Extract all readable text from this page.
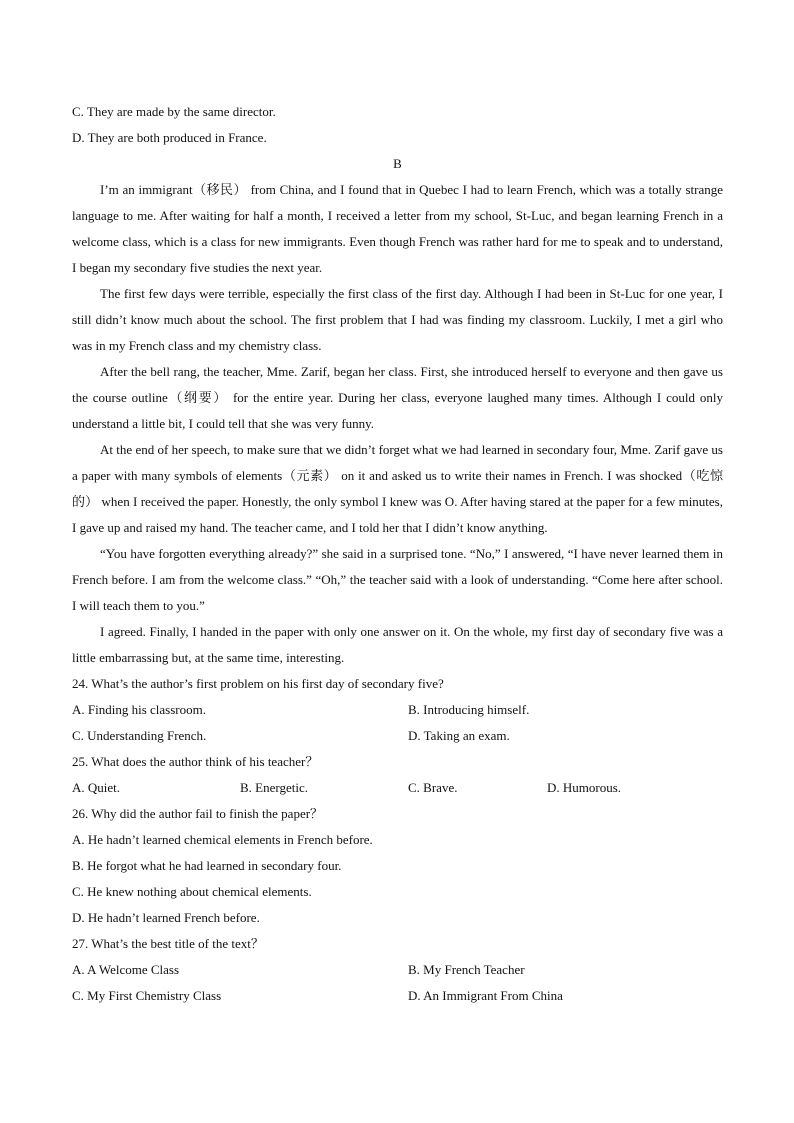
C. They are made by the same director.
D. They are both produced in France.
B

I’m an immigrant（移民） from China, and I found that in Quebec I had to learn French, which was a totally strange language to me. After waiting for half a month, I received a letter from my school, St-Luc, and began learning French in a welcome class, which is a class for new immigrants. Even though French was rather hard for me to speak and to understand, I began my secondary five studies the next year.

The first few days were terrible, especially the first class of the first day. Although I had been in St-Luc for one year, I still didn’t know much about the school. The first problem that I had was finding my classroom. Luckily, I met a girl who was in my French class and my chemistry class.

After the bell rang, the teacher, Mme. Zarif, began her class. First, she introduced herself to everyone and then gave us the course outline（纲要） for the entire year. During her class, everyone laughed many times. Although I could only understand a little bit, I could tell that she was very funny.

At the end of her speech, to make sure that we didn’t forget what we had learned in secondary four, Mme. Zarif gave us a paper with many symbols of elements（元素） on it and asked us to write their names in French. I was shocked（吃惊的） when I received the paper. Honestly, the only symbol I knew was O. After having stared at the paper for a few minutes, I gave up and raised my hand. The teacher came, and I told her that I didn’t know anything.

“You have forgotten everything already?” she said in a surprised tone. “No,” I answered, “I have never learned them in French before. I am from the welcome class.” “Oh,” the teacher said with a look of understanding. “Come here after school. I will teach them to you.”

I agreed. Finally, I handed in the paper with only one answer on it. On the whole, my first day of secondary five was a little embarrassing but, at the same time, interesting.

24. What’s the author’s first problem on his first day of secondary five?

A. Finding his classroom.	B. Introducing himself.
C. Understanding French.	D. Taking an exam.

25. What does the author think of his teacher？

A. Quiet.	B. Energetic.	C. Brave.	D. Humorous.

26. Why did the author fail to finish the paper？

A. He hadn’t learned chemical elements in French before.
B. He forgot what he had learned in secondary four.
C. He knew nothing about chemical elements.
D. He hadn’t learned French before.

27. What’s the best title of the text？

A. A Welcome Class	B. My French Teacher
C. My First Chemistry Class	D. An Immigrant From China
